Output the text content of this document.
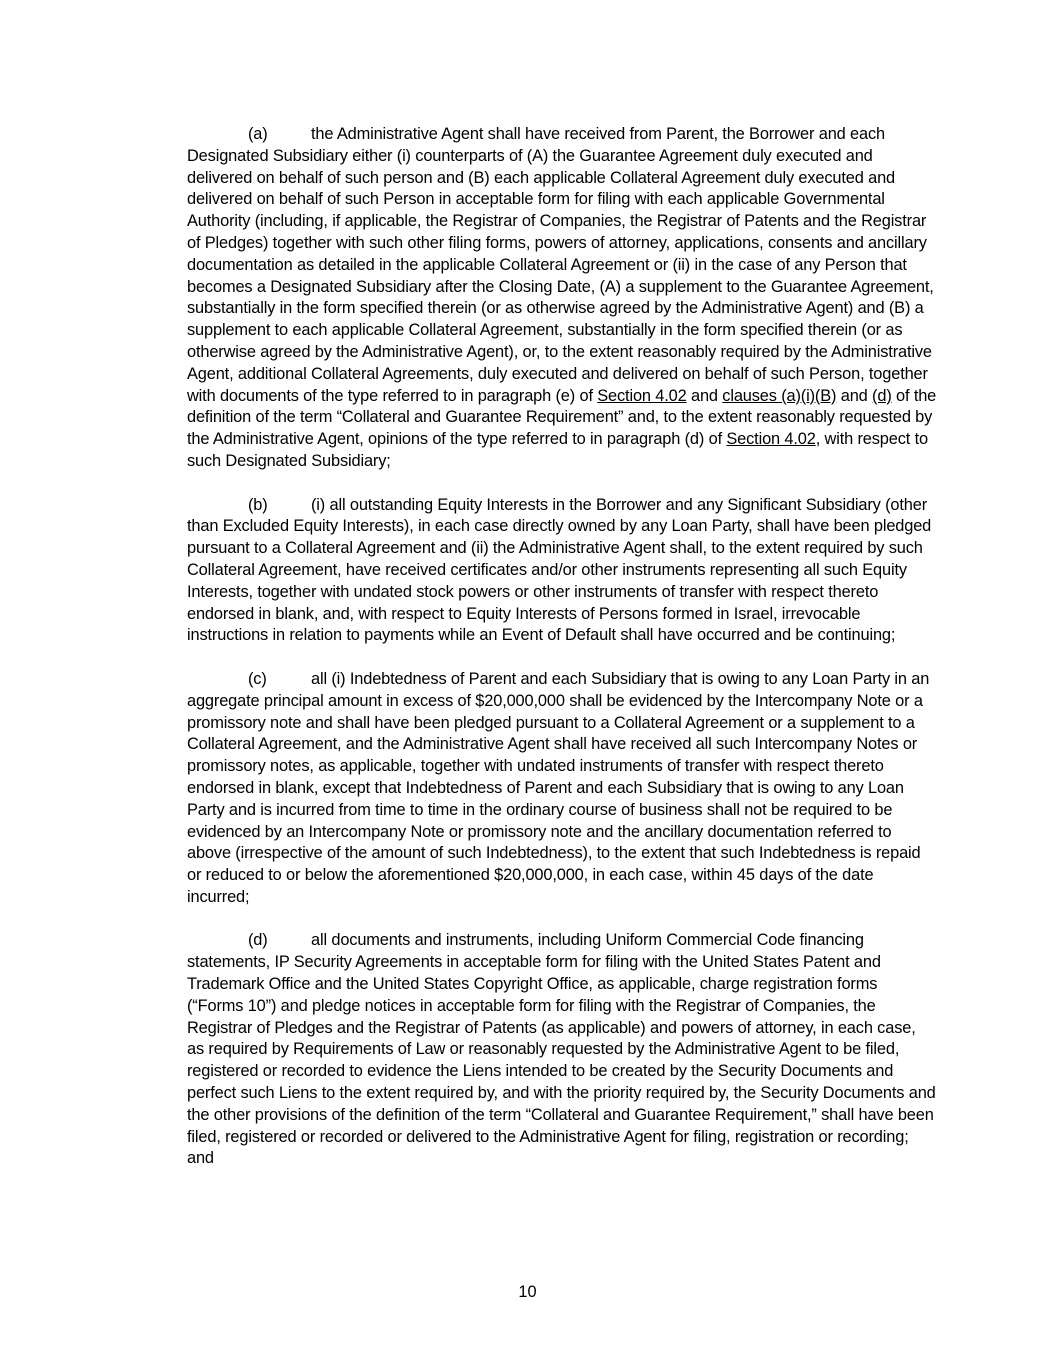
(a)	the Administrative Agent shall have received from Parent, the Borrower and each Designated Subsidiary either (i) counterparts of (A) the Guarantee Agreement duly executed and delivered on behalf of such person and (B) each applicable Collateral Agreement duly executed and delivered on behalf of such Person in acceptable form for filing with each applicable Governmental Authority (including, if applicable, the Registrar of Companies, the Registrar of Patents and the Registrar of Pledges) together with such other filing forms, powers of attorney, applications, consents and ancillary documentation as detailed in the applicable Collateral Agreement or (ii) in the case of any Person that becomes a Designated Subsidiary after the Closing Date, (A) a supplement to the Guarantee Agreement, substantially in the form specified therein (or as otherwise agreed by the Administrative Agent) and (B) a supplement to each applicable Collateral Agreement, substantially in the form specified therein (or as otherwise agreed by the Administrative Agent), or, to the extent reasonably required by the Administrative Agent, additional Collateral Agreements, duly executed and delivered on behalf of such Person, together with documents of the type referred to in paragraph (e) of Section 4.02 and clauses (a)(i)(B) and (d) of the definition of the term “Collateral and Guarantee Requirement” and, to the extent reasonably requested by the Administrative Agent, opinions of the type referred to in paragraph (d) of Section 4.02, with respect to such Designated Subsidiary;

(b)	(i) all outstanding Equity Interests in the Borrower and any Significant Subsidiary (other than Excluded Equity Interests), in each case directly owned by any Loan Party, shall have been pledged pursuant to a Collateral Agreement and (ii) the Administrative Agent shall, to the extent required by such Collateral Agreement, have received certificates and/or other instruments representing all such Equity Interests, together with undated stock powers or other instruments of transfer with respect thereto endorsed in blank, and, with respect to Equity Interests of Persons formed in Israel, irrevocable instructions in relation to payments while an Event of Default shall have occurred and be continuing;

(c)	all (i) Indebtedness of Parent and each Subsidiary that is owing to any Loan Party in an aggregate principal amount in excess of $20,000,000 shall be evidenced by the Intercompany Note or a promissory note and shall have been pledged pursuant to a Collateral Agreement or a supplement to a Collateral Agreement, and the Administrative Agent shall have received all such Intercompany Notes or promissory notes, as applicable, together with undated instruments of transfer with respect thereto endorsed in blank, except that Indebtedness of Parent and each Subsidiary that is owing to any Loan Party and is incurred from time to time in the ordinary course of business shall not be required to be evidenced by an Intercompany Note or promissory note and the ancillary documentation referred to above (irrespective of the amount of such Indebtedness), to the extent that such Indebtedness is repaid or reduced to or below the aforementioned $20,000,000, in each case, within 45 days of the date incurred;

(d)	all documents and instruments, including Uniform Commercial Code financing statements, IP Security Agreements in acceptable form for filing with the United States Patent and Trademark Office and the United States Copyright Office, as applicable, charge registration forms (“Forms 10”) and pledge notices in acceptable form for filing with the Registrar of Companies, the Registrar of Pledges and the Registrar of Patents (as applicable) and powers of attorney, in each case, as required by Requirements of Law or reasonably requested by the Administrative Agent to be filed, registered or recorded to evidence the Liens intended to be created by the Security Documents and perfect such Liens to the extent required by, and with the priority required by, the Security Documents and the other provisions of the definition of the term “Collateral and Guarantee Requirement,” shall have been filed, registered or recorded or delivered to the Administrative Agent for filing, registration or recording; and

10
